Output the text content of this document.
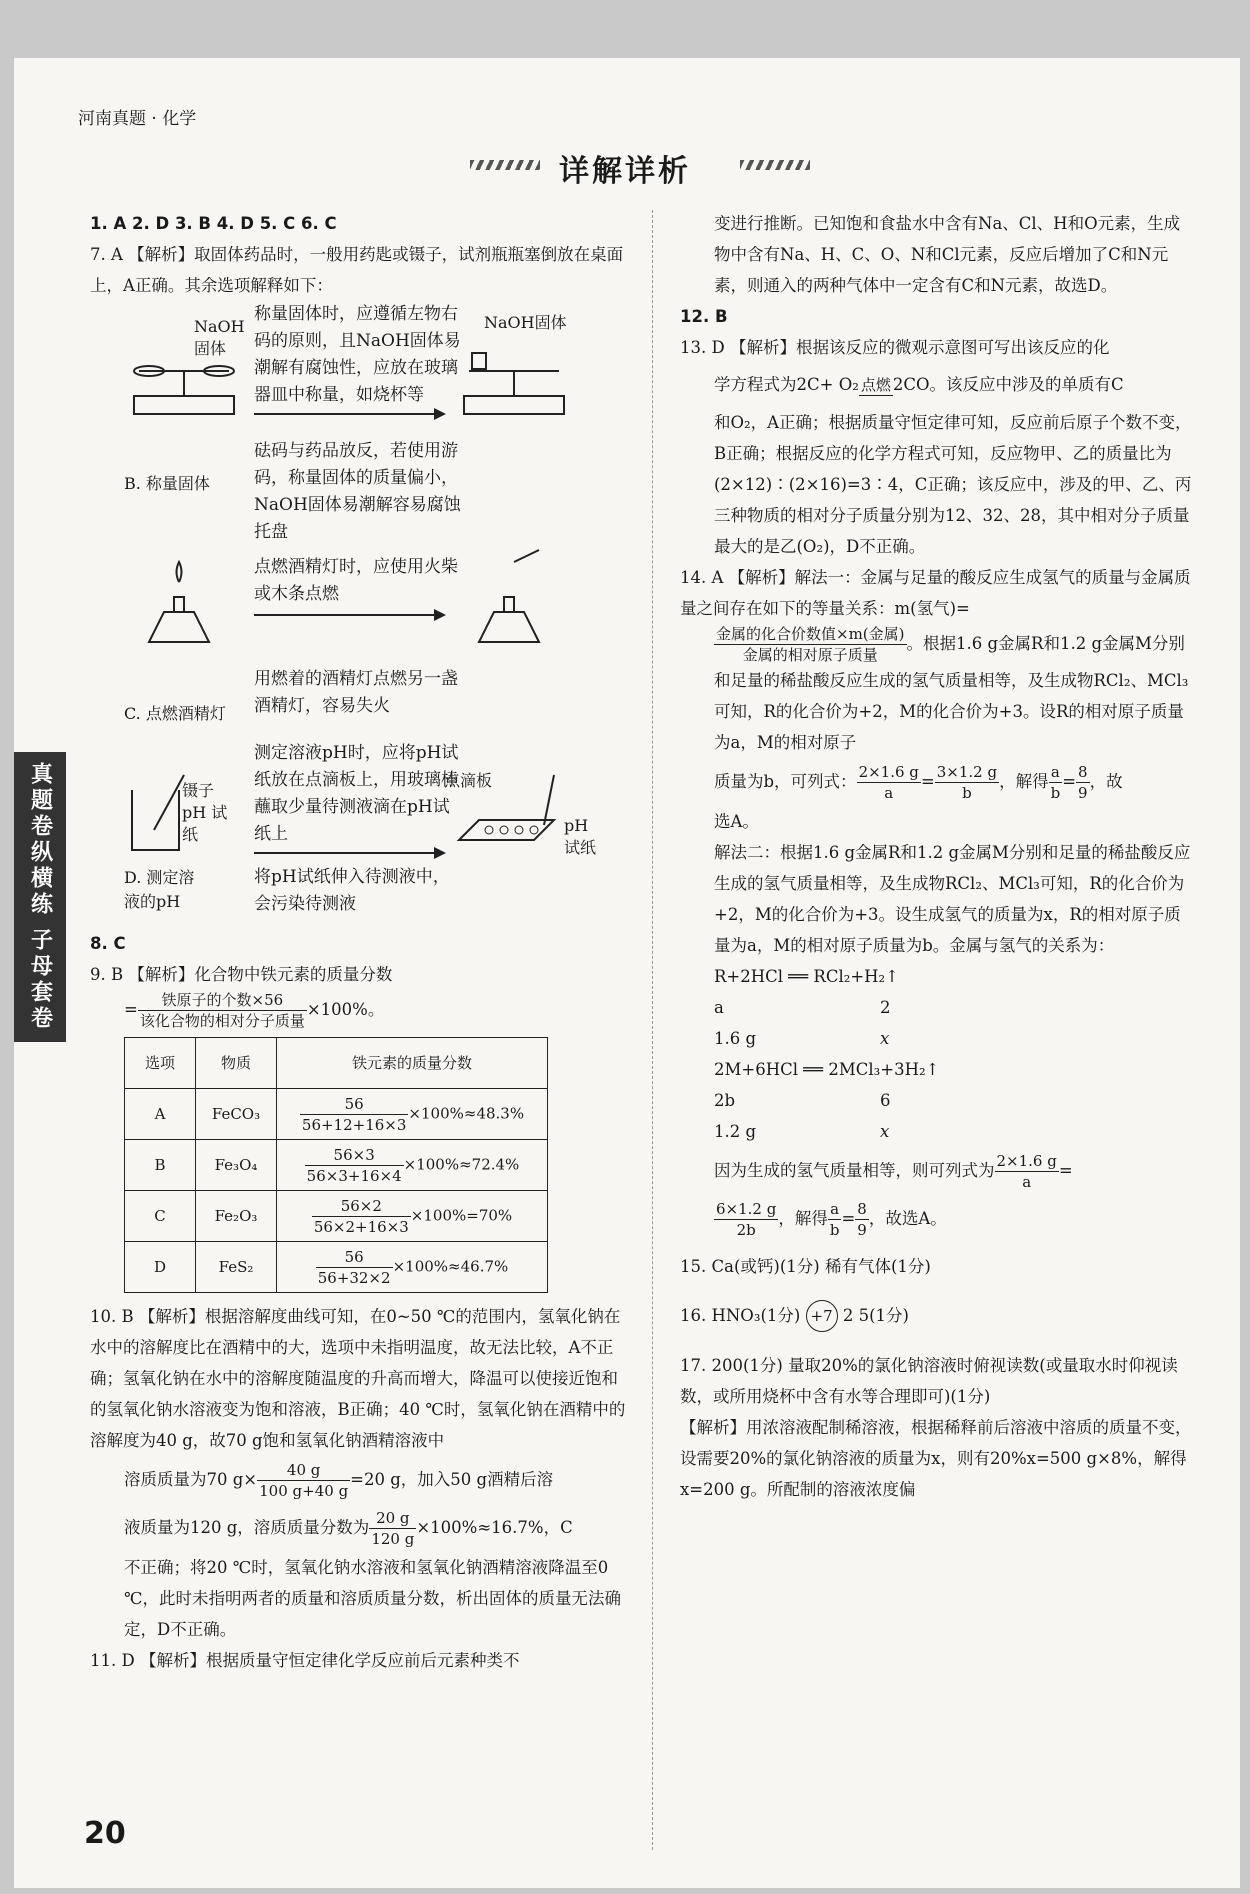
河南真题 · 化学
详解详析
真题卷纵横练
子母套卷

1. A 2. D 3. B 4. D 5. C 6. C

7. A 【解析】取固体药品时，一般用药匙或镊子，试剂瓶瓶塞倒放在桌面上，A正确。其余选项解释如下：

NaOH 固体
称量固体时，应遵循左物右码的原则，且NaOH固体易潮解有腐蚀性，应放在玻璃器皿中称量，如烧杯等
NaOH固体
B. 称量固体
砝码与药品放反，若使用游码，称量固体的质量偏小，NaOH固体易潮解容易腐蚀托盘
点燃酒精灯时，应使用火柴或木条点燃
C. 点燃酒精灯
用燃着的酒精灯点燃另一盏酒精灯，容易失火
镊子 pH 试纸
测定溶液pH时，应将pH试纸放在点滴板上，用玻璃棒蘸取少量待测液滴在pH试纸上
点滴板
pH 试纸
D. 测定溶液的pH
将pH试纸伸入待测液中，会污染待测液

8. C

9. B 【解析】化合物中铁元素的质量分数

= $\frac{\text{铁原子的个数×56}}{\text{该化合物的相对分子质量}} \times 100\%$。

选项	物质	铁元素的质量分数
A	FeCO₃	$\frac{56}{56+12+16\times 3} \times 100\%\approx 48.3\%$
B	Fe₃O₄	$\frac{56\times 3}{56\times 3+16\times 4} \times 100\%\approx 72.4\%$
C	Fe₂O₃	$\frac{56\times 2}{56\times 2+16\times 3} \times 100\%=70\%$
D	FeS₂	$\frac{56}{56+32\times 2} \times 100\%\approx 46.7\%$

10. B 【解析】根据溶解度曲线可知，在0~50 ℃的范围内，氢氧化钠在水中的溶解度比在酒精中的大，选项中未指明温度，故无法比较，A不正确；氢氧化钠在水中的溶解度随温度的升高而增大，降温可以使接近饱和的氢氧化钠水溶液变为饱和溶液，B正确；40 ℃时，氢氧化钠在酒精中的溶解度为40 g，故70 g饱和氢氧化钠酒精溶液中

溶质质量为70 $g\times \frac{40 g}{100 g+40 g} =20$ g，加入50 g酒精后溶

液质量为120 g，溶质质量分数为 $\frac{20 g}{120 g} \times 100\%\approx 16.7\%$，C

不正确；将20 ℃时，氢氧化钠水溶液和氢氧化钠酒精溶液降温至0 ℃，此时未指明两者的质量和溶质质量分数，析出固体的质量无法确定，D不正确。

11. D 【解析】根据质量守恒定律化学反应前后元素种类不

变进行推断。已知饱和食盐水中含有Na、Cl、H和O元素，生成物中含有Na、H、C、O、N和Cl元素，反应后增加了C和N元素，则通入的两种气体中一定含有C和N元素，故选D。

12. B

13. D 【解析】根据该反应的微观示意图可写出该反应的化

学方程式为2C+ O₂ 点燃 2CO。该反应中涉及的单质有C

和O₂，A正确；根据质量守恒定律可知，反应前后原子个数不变，B正确；根据反应的化学方程式可知，反应物甲、乙的质量比为(2×12)∶(2×16)=3∶4，C正确；该反应中，涉及的甲、乙、丙三种物质的相对分子质量分别为12、32、28，其中相对分子质量最大的是乙(O₂)，D不正确。

14. A 【解析】解法一：金属与足量的酸反应生成氢气的质量与金属质量之间存在如下的等量关系：m(氢气)=

$\frac{\text{金属的化合价数值×m(金属)}}{\text{金属的相对原子质量}}$ 。根据1.6 g金属R和1.2 g金属M分别和足量的稀盐酸反应生成的氢气质量相等，及生成物RCl₂、MCl₃可知，R的化合价为+2，M的化合价为+3。设R的相对原子质量为a，M的相对原子

质量为b，可列式： $\frac{2\times 1.6 g}{a} = \frac{3\times 1.2 g}{b}$ ，解得 $\frac{a}{b} = \frac{8}{9}$ ，故

选A。

解法二：根据1.6 g金属R和1.2 g金属M分别和足量的稀盐酸反应生成的氢气质量相等，及生成物RCl₂、MCl₃可知，R的化合价为+2，M的化合价为+3。设生成氢气的质量为x，R的相对原子质量为a，M的相对原子质量为b。金属与氢气的关系为：

R+2HCl ══ RCl₂+H₂↑
a	2
1.6 g	x
2M+6HCl ══ 2MCl₃+3H₂↑
2b	6
1.2 g	x

因为生成的氢气质量相等，则可列式为 $\frac{2\times 1.6 g}{a}$ =

$\frac{6\times 1.2 g}{2b}$ ，解得 $\frac{a}{b} = \frac{8}{9}$ ，故选A。

15. Ca(或钙)(1分) 稀有气体(1分)

16. HNO₃(1分) +7 2 5(1分)

17. 200(1分) 量取20%的氯化钠溶液时俯视读数(或量取水时仰视读数，或所用烧杯中含有水等合理即可)(1分)

【解析】用浓溶液配制稀溶液，根据稀释前后溶液中溶质的质量不变，设需要20%的氯化钠溶液的质量为x，则有20%x=500 g×8%，解得x=200 g。所配制的溶液浓度偏

20
